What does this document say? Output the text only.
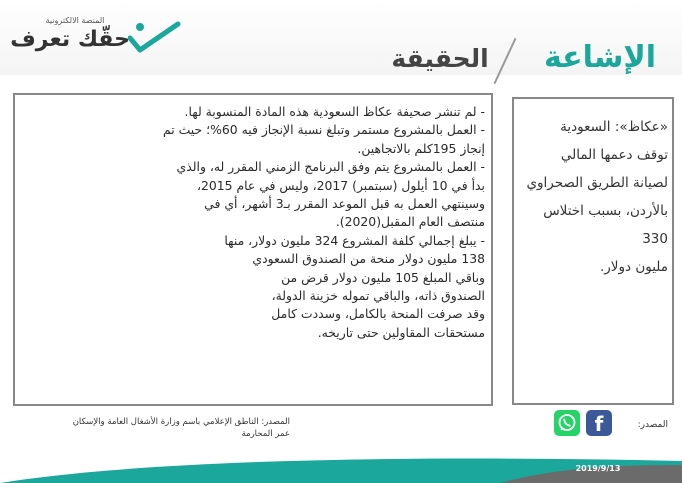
المنصة الالكترونية
حقّك تعرف
الإشاعة
الحقيقة
«عكاظ»: السعودية
توقف دعمها المالي
لصيانة الطريق الصحراوي
بالأردن، بسبب اختلاس 330
مليون دولار.
- لم تنشر صحيفة عكاظ السعودية هذه المادة المنسوبة لها.
- العمل بالمشروع مستمر وتبلغ نسبة الإنجاز فيه 60%؛ حيث تم
إنجاز 195كلم بالاتجاهين.
- العمل بالمشروع يتم وفق البرنامج الزمني المقرر له، والذي
بدأ في 10 أيلول (سبتمبر) 2017، وليس في عام 2015،
وسينتهي العمل به قبل الموعد المقرر بـ3 أشهر، أي في
منتصف العام المقبل(2020).
- يبلغ إجمالي كلفة المشروع 324 مليون دولار، منها
138 مليون دولار منحة من الصندوق السعودي
وباقي المبلغ 105 مليون دولار قرض من
الصندوق ذاته، والباقي تموله خزينة الدولة،
وقد صرفت المنحة بالكامل، وسددت كامل
مستحقات المقاولين حتى تاريخه.
المصدر: الناطق الإعلامي باسم وزارة الأشغال العامة والإسكان
عمر المحارمة
المصدر:
f
2019/9/13
